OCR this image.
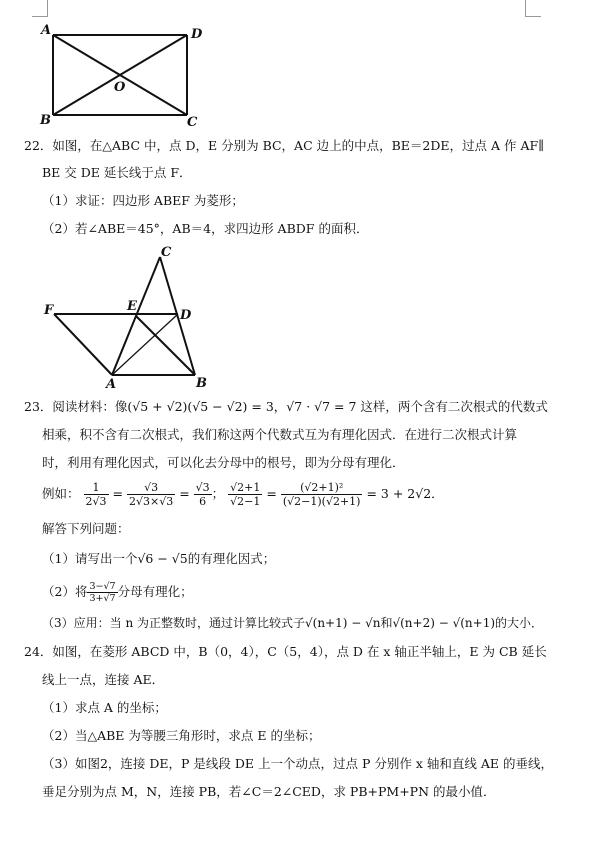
A	D
B	C
O
22．如图，在△ABC 中，点 D，E 分别为 BC，AC 边上的中点，BE＝2DE，过点 A 作 AF∥
BE 交 DE 延长线于点 F．
（1）求证：四边形 ABEF 为菱形；
（2）若∠ABE＝45°，AB＝4，求四边形 ABDF 的面积．
C
E
D
F
A	B
23．阅读材料：像(√5 + √2)(√5 − √2) = 3，√7 · √7 = 7 这样，两个含有二次根式的代数式
相乘，积不含有二次根式，我们称这两个代数式互为有理化因式．在进行二次根式计算
时，利用有理化因式，可以化去分母中的根号，即为分母有理化．
例如： $\frac{1}{2√3} = \frac{√3}{2√3\times√3} = \frac{√3}{6}$ ； $\frac{√2+1}{√2-1} = \frac{\text{(√2+1)²}}{(√2-1)(√2+1)} = 3 + 2√2$．
解答下列问题：
（1）请写出一个√6 − √5的有理化因式；
（2）将 $\frac{3-√7}{3+√7}$ 分母有理化；
（3）应用：当 n 为正整数时，通过计算比较式子√(n+1) − √n和√(n+2) − √(n+1)的大小．
24．如图，在菱形 ABCD 中，B（0，4），C（5，4），点 D 在 x 轴正半轴上，E 为 CB 延长
线上一点，连接 AE．
（1）求点 A 的坐标；
（2）当△ABE 为等腰三角形时，求点 E 的坐标；
（3）如图2，连接 DE，P 是线段 DE 上一个动点，过点 P 分别作 x 轴和直线 AE 的垂线，
垂足分别为点 M，N，连接 PB，若∠C＝2∠CED，求 PB+PM+PN 的最小值．
